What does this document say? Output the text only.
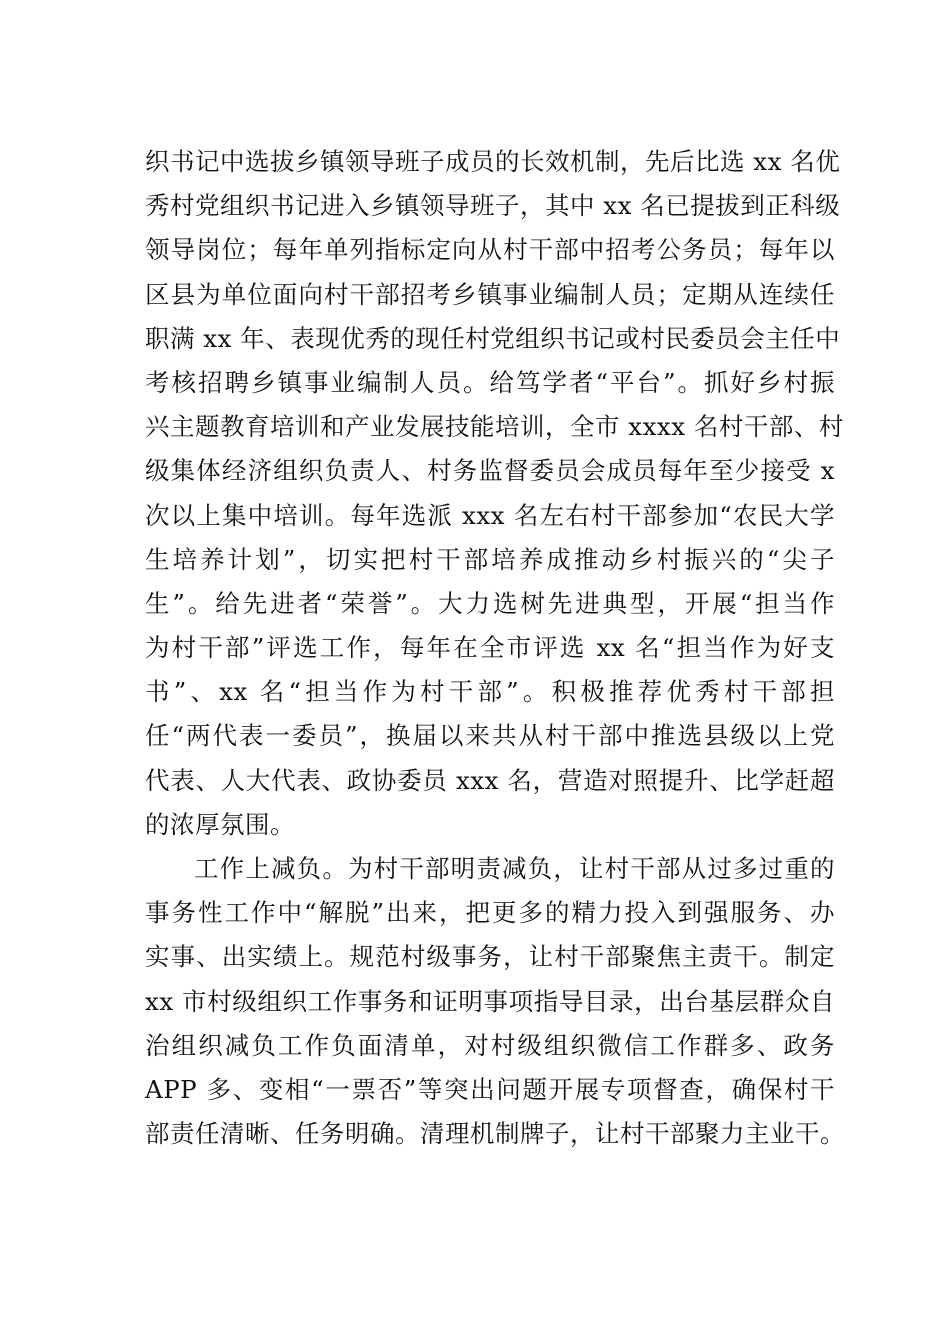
织书记中选拔乡镇领导班子成员的长效机制，先后比选 xx 名优
秀村党组织书记进入乡镇领导班子，其中 xx 名已提拔到正科级
领导岗位；每年单列指标定向从村干部中招考公务员；每年以
区县为单位面向村干部招考乡镇事业编制人员；定期从连续任
职满 xx 年、表现优秀的现任村党组织书记或村民委员会主任中
考核招聘乡镇事业编制人员。给笃学者“平台”。抓好乡村振
兴主题教育培训和产业发展技能培训，全市 xxxx 名村干部、村
级集体经济组织负责人、村务监督委员会成员每年至少接受 x
次以上集中培训。每年选派 xxx 名左右村干部参加“农民大学
生培养计划”，切实把村干部培养成推动乡村振兴的“尖子
生”。给先进者“荣誉”。大力选树先进典型，开展“担当作
为村干部”评选工作，每年在全市评选 xx 名“担当作为好支
书”、xx 名“担当作为村干部”。积极推荐优秀村干部担
任“两代表一委员”，换届以来共从村干部中推选县级以上党
代表、人大代表、政协委员 xxx 名，营造对照提升、比学赶超
的浓厚氛围。
工作上减负。为村干部明责减负，让村干部从过多过重的
事务性工作中“解脱”出来，把更多的精力投入到强服务、办
实事、出实绩上。规范村级事务，让村干部聚焦主责干。制定
xx 市村级组织工作事务和证明事项指导目录，出台基层群众自
治组织减负工作负面清单，对村级组织微信工作群多、政务
APP 多、变相“一票否”等突出问题开展专项督查，确保村干
部责任清晰、任务明确。清理机制牌子，让村干部聚力主业干。
